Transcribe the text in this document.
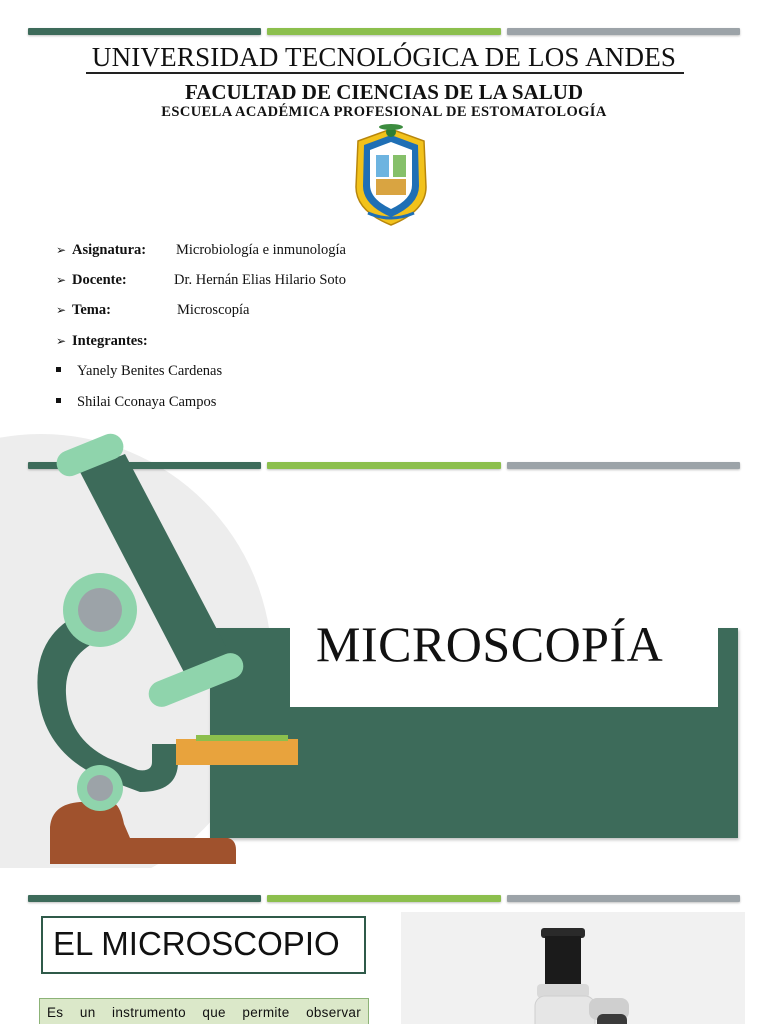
UNIVERSIDAD TECNOLÓGICA DE LOS ANDES
FACULTAD DE CIENCIAS DE LA SALUD
ESCUELA ACADÉMICA PROFESIONAL DE ESTOMATOLOGÍA
➢ Asignatura: Microbiología e inmunología
➢ Docente:	Dr. Hernán Elias Hilario Soto
➢ Tema:	Microscopía
➢ Integrantes:
Yanely Benites Cardenas
Shilai Cconaya Campos
MICROSCOPÍA
EL MICROSCOPIO
Es un instrumento que permite observar
